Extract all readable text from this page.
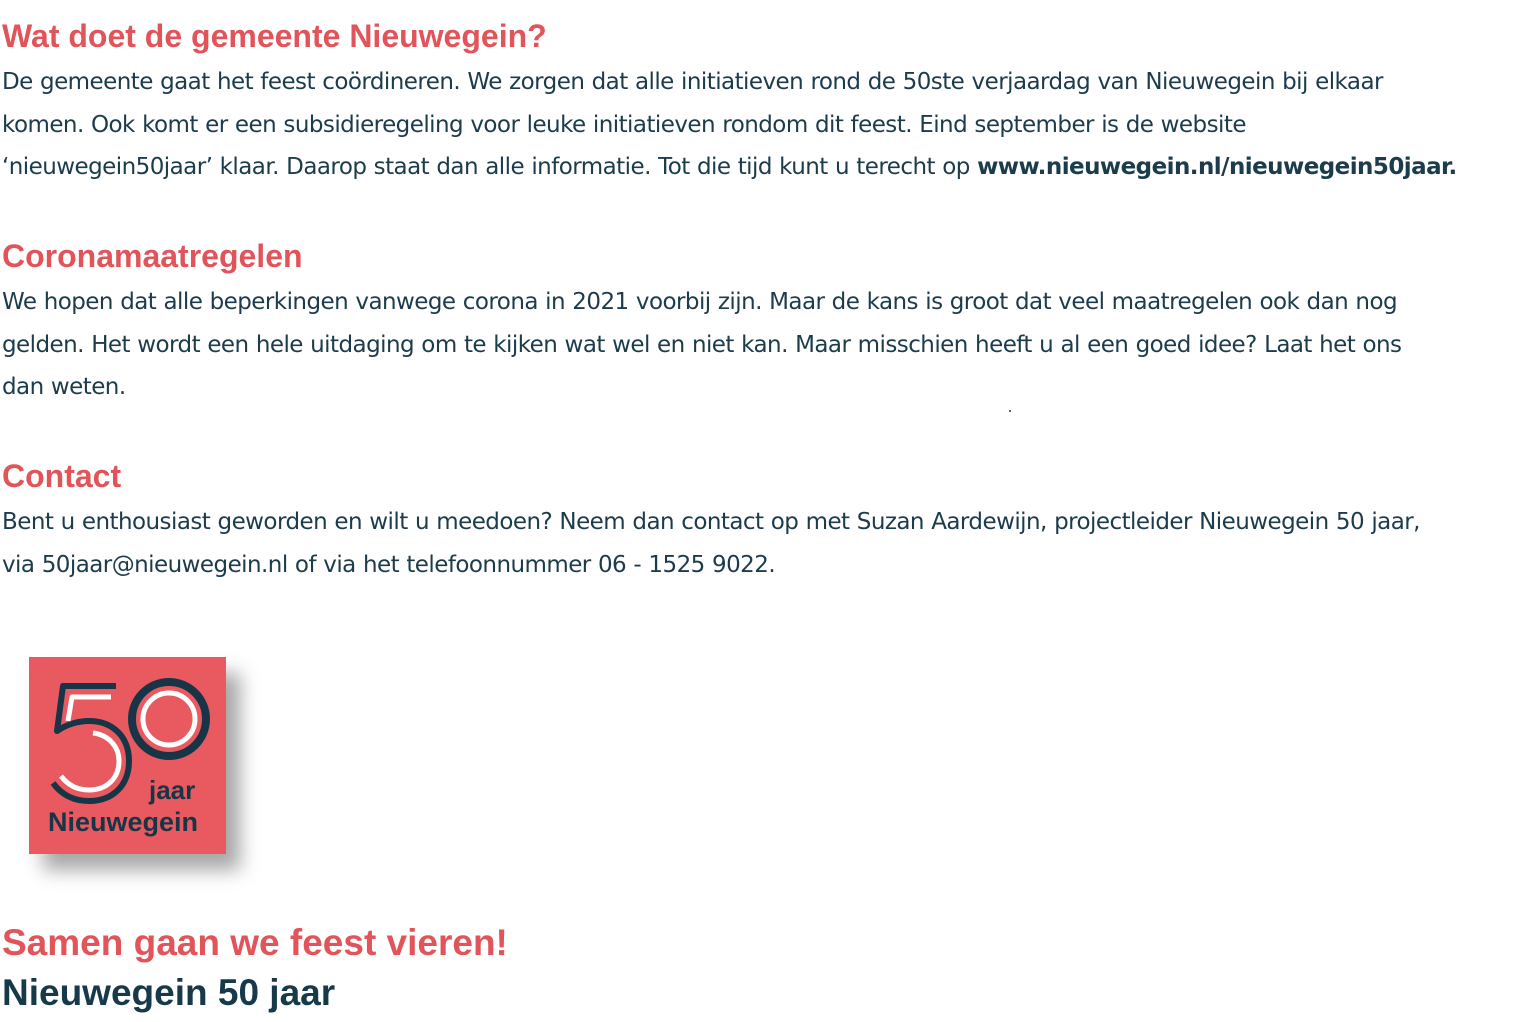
Wat doet de gemeente Nieuwegein?

De gemeente gaat het feest coördineren. We zorgen dat alle initiatieven rond de 50ste verjaardag van Nieuwegein bij elkaar
komen. Ook komt er een subsidieregeling voor leuke initiatieven rondom dit feest. Eind september is de website
‘nieuwegein50jaar’ klaar. Daarop staat dan alle informatie. Tot die tijd kunt u terecht op www.nieuwegein.nl/nieuwegein50jaar.

Coronamaatregelen

We hopen dat alle beperkingen vanwege corona in 2021 voorbij zijn. Maar de kans is groot dat veel maatregelen ook dan nog
gelden. Het wordt een hele uitdaging om te kijken wat wel en niet kan. Maar misschien heeft u al een goed idee? Laat het ons
dan weten.

Contact

Bent u enthousiast geworden en wilt u meedoen? Neem dan contact op met Suzan Aardewijn, projectleider Nieuwegein 50 jaar,
via 50jaar@nieuwegein.nl of via het telefoonnummer 06 - 1525 9022.

jaar
Nieuwegein
Samen gaan we feest vieren!
Nieuwegein 50 jaar
